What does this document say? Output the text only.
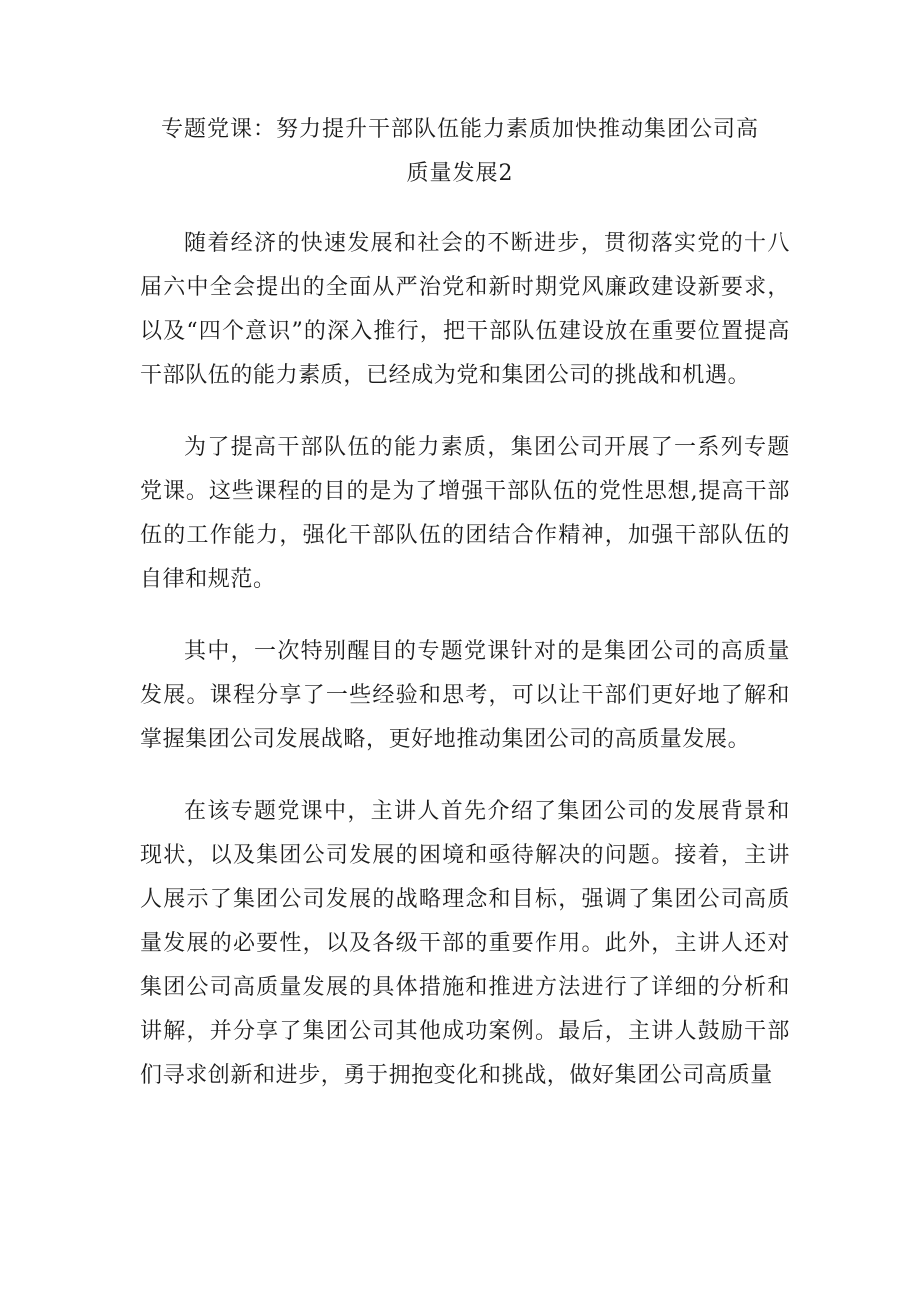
专题党课：努力提升干部队伍能力素质加快推动集团公司高
质量发展2

随着经济的快速发展和社会的不断进步，贯彻落实党的十八届六中全会提出的全面从严治党和新时期党风廉政建设新要求，以及“四个意识”的深入推行，把干部队伍建设放在重要位置提高干部队伍的能力素质，已经成为党和集团公司的挑战和机遇。

为了提高干部队伍的能力素质，集团公司开展了一系列专题党课。这些课程的目的是为了增强干部队伍的党性思想,提高干部伍的工作能力，强化干部队伍的团结合作精神，加强干部队伍的自律和规范。

其中，一次特别醒目的专题党课针对的是集团公司的高质量发展。课程分享了一些经验和思考，可以让干部们更好地了解和掌握集团公司发展战略，更好地推动集团公司的高质量发展。

在该专题党课中，主讲人首先介绍了集团公司的发展背景和现状，以及集团公司发展的困境和亟待解决的问题。接着，主讲人展示了集团公司发展的战略理念和目标，强调了集团公司高质量发展的必要性，以及各级干部的重要作用。此外，主讲人还对集团公司高质量发展的具体措施和推进方法进行了详细的分析和讲解，并分享了集团公司其他成功案例。最后，主讲人鼓励干部们寻求创新和进步，勇于拥抱变化和挑战，做好集团公司高质量
